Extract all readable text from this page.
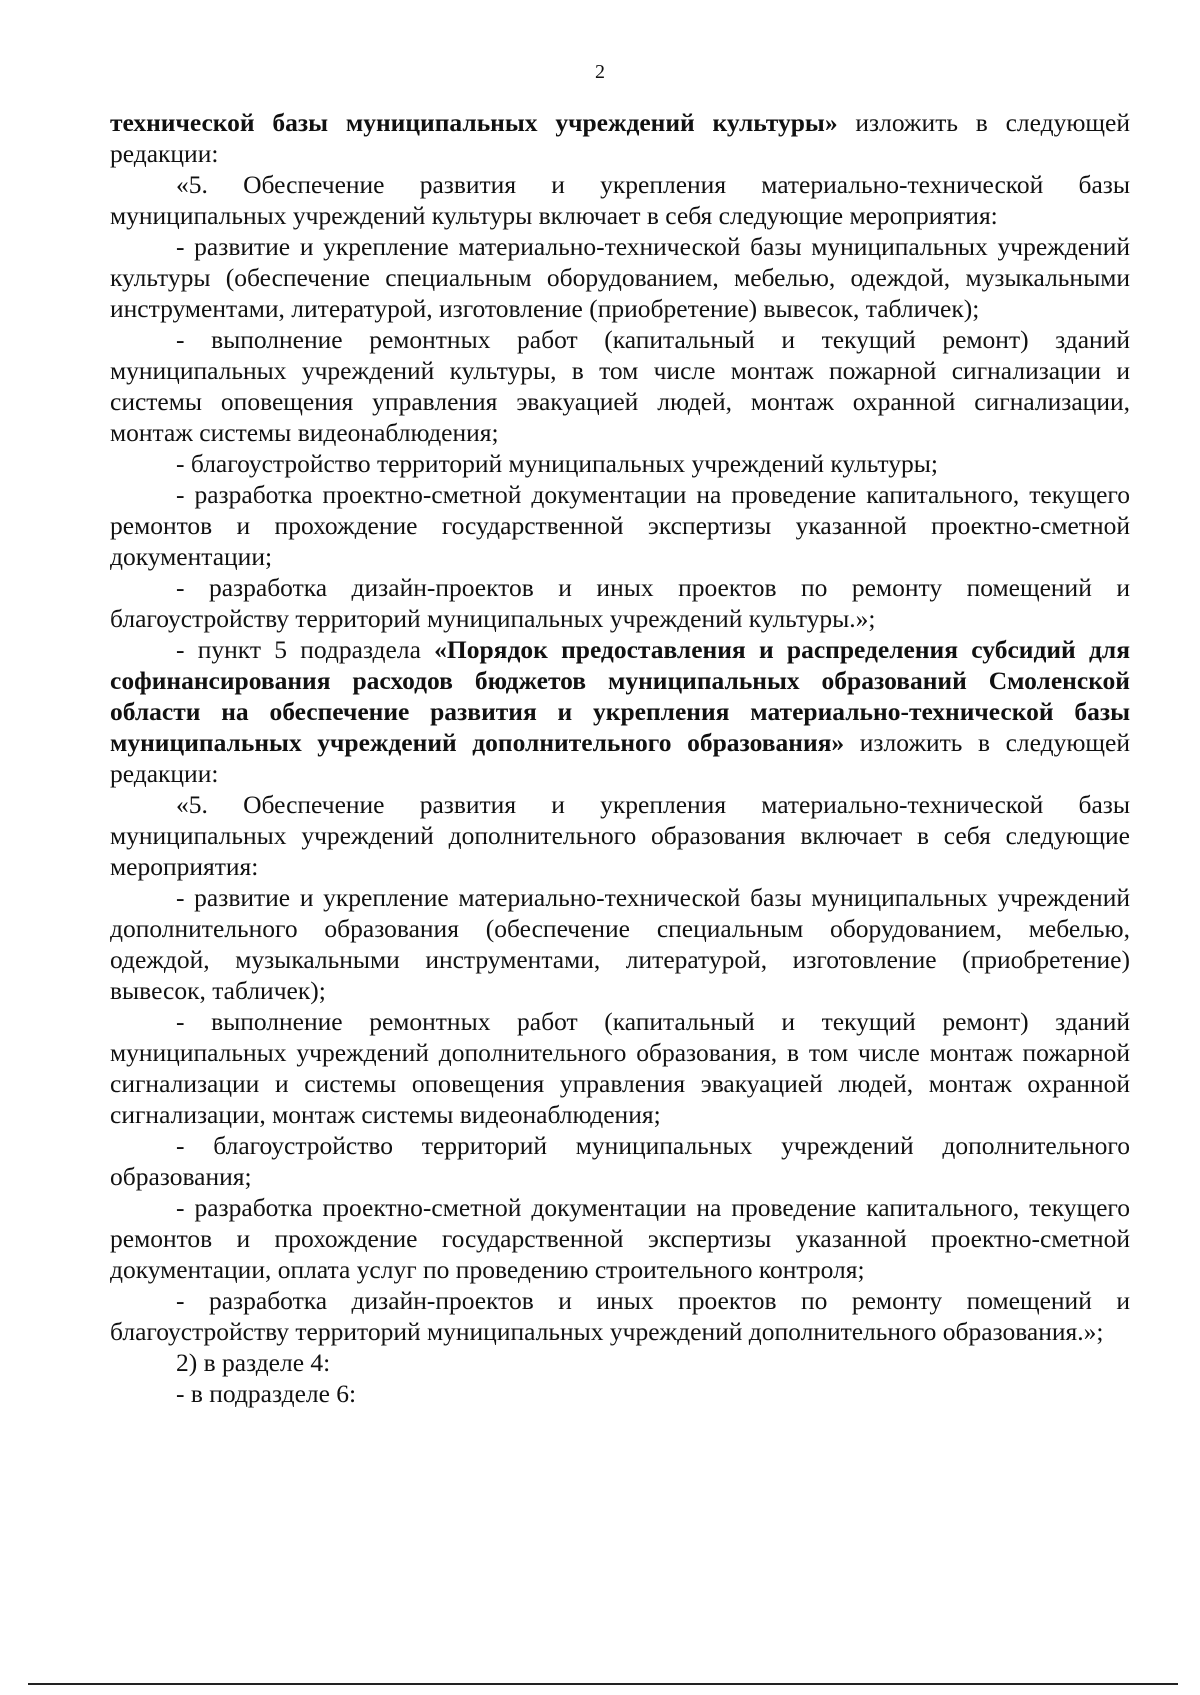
2

технической базы муниципальных учреждений культуры» изложить в следующей редакции:

«5. Обеспечение развития и укрепления материально-технической базы муниципальных учреждений культуры включает в себя следующие мероприятия:

- развитие и укрепление материально-технической базы муниципальных учреждений культуры (обеспечение специальным оборудованием, мебелью, одеждой, музыкальными инструментами, литературой, изготовление (приобретение) вывесок, табличек);

- выполнение ремонтных работ (капитальный и текущий ремонт) зданий муниципальных учреждений культуры, в том числе монтаж пожарной сигнализации и системы оповещения управления эвакуацией людей, монтаж охранной сигнализации, монтаж системы видеонаблюдения;

- благоустройство территорий муниципальных учреждений культуры;

- разработка проектно-сметной документации на проведение капитального, текущего ремонтов и прохождение государственной экспертизы указанной проектно-сметной документации;

- разработка дизайн-проектов и иных проектов по ремонту помещений и благоустройству территорий муниципальных учреждений культуры.»;

- пункт 5 подраздела «Порядок предоставления и распределения субсидий для софинансирования расходов бюджетов муниципальных образований Смоленской области на обеспечение развития и укрепления материально-технической базы муниципальных учреждений дополнительного образования» изложить в следующей редакции:

«5. Обеспечение развития и укрепления материально-технической базы муниципальных учреждений дополнительного образования включает в себя следующие мероприятия:

- развитие и укрепление материально-технической базы муниципальных учреждений дополнительного образования (обеспечение специальным оборудованием, мебелью, одеждой, музыкальными инструментами, литературой, изготовление (приобретение) вывесок, табличек);

- выполнение ремонтных работ (капитальный и текущий ремонт) зданий муниципальных учреждений дополнительного образования, в том числе монтаж пожарной сигнализации и системы оповещения управления эвакуацией людей, монтаж охранной сигнализации, монтаж системы видеонаблюдения;

- благоустройство территорий муниципальных учреждений дополнительного образования;

- разработка проектно-сметной документации на проведение капитального, текущего ремонтов и прохождение государственной экспертизы указанной проектно-сметной документации, оплата услуг по проведению строительного контроля;

- разработка дизайн-проектов и иных проектов по ремонту помещений и благоустройству территорий муниципальных учреждений дополнительного образования.»;

2) в разделе 4:

- в подразделе 6:
